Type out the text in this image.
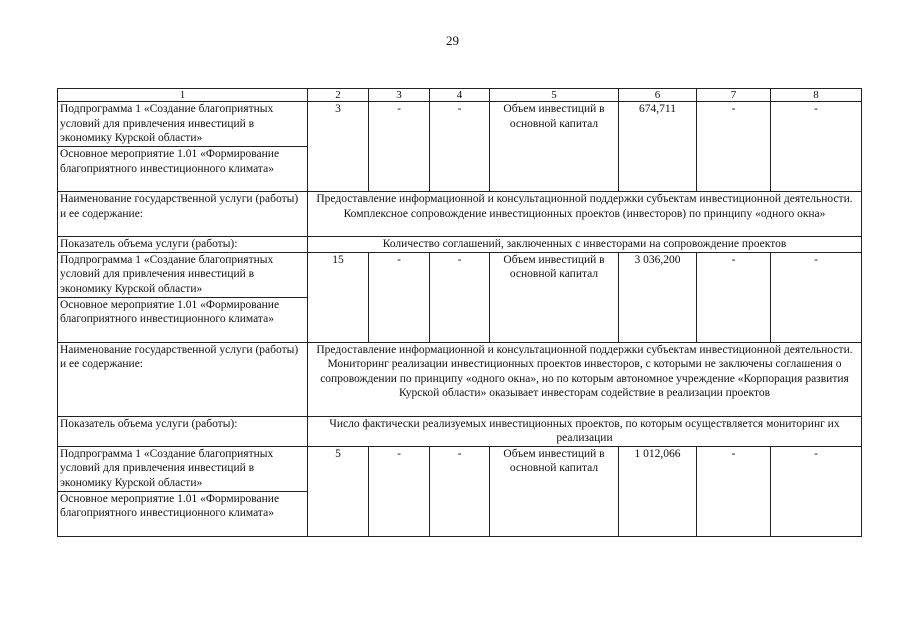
29
1	2	3	4	5	6	7	8
Подпрограмма 1 «Создание благоприятных условий для привлечения инвестиций в экономику Курской области»	3	-	-	Объем инвестиций в основной капитал	674,711	-	-
Основное мероприятие 1.01 «Формирование благоприятного инвестиционного климата»							
Наименование государственной услуги (работы) и ее содержание:	Предоставление информационной и консультационной поддержки субъектам инвестиционной деятельности.
Комплексное сопровождение инвестиционных проектов (инвесторов) по принципу «одного окна»						

Показатель объема услуги (работы):	Количество соглашений, заключенных с инвесторами на сопровождение проектов						
Подпрограмма 1 «Создание благоприятных условий для привлечения инвестиций в экономику Курской области»	15	-	-	Объем инвестиций в основной капитал	3 036,200	-	-
Основное мероприятие 1.01 «Формирование благоприятного инвестиционного климата»							
Наименование государственной услуги (работы) и ее содержание:	Предоставление информационной и консультационной поддержки субъектам инвестиционной деятельности.
Мониторинг реализации инвестиционных проектов инвесторов, с которыми не заключены соглашения о сопровождении по принципу «одного окна», но по которым автономное учреждение «Корпорация развития Курской области» оказывает инвесторам содействие в реализации проектов						

Показатель объема услуги (работы):	Число фактически реализуемых инвестиционных проектов, по которым осуществляется мониторинг их реализации						
Подпрограмма 1 «Создание благоприятных условий для привлечения инвестиций в экономику Курской области»	5	-	-	Объем инвестиций в основной капитал	1 012,066	-	-
Основное мероприятие 1.01 «Формирование благоприятного инвестиционного климата»							
